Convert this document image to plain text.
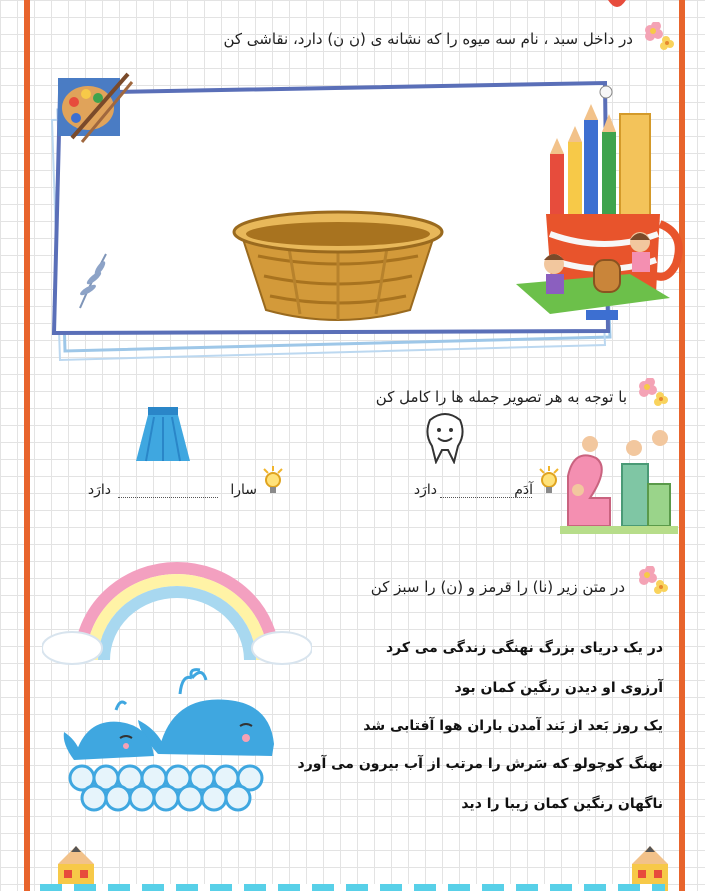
در داخل سبد ، نام سه میوه را که نشانه ی (ن ن) دارد، نقاشی کن
با توجه به هر تصویر جمله ها را کامل کن
آدَم
دارَد
سارا
دارَد
در متن زیر (نا) را قرمز و (ن) را سبز کن
در یک دریای بزرگ نهنگی زندگی می کرد
آرزوی او دیدن رنگین کمان بود
یک روز بَعد از بَند آمدن باران هوا آفتابی شد
نهنگ کوچولو که سَرش را مرتب از آب بیرون می آورد
ناگهان رنگین کمان زیبا را دید
